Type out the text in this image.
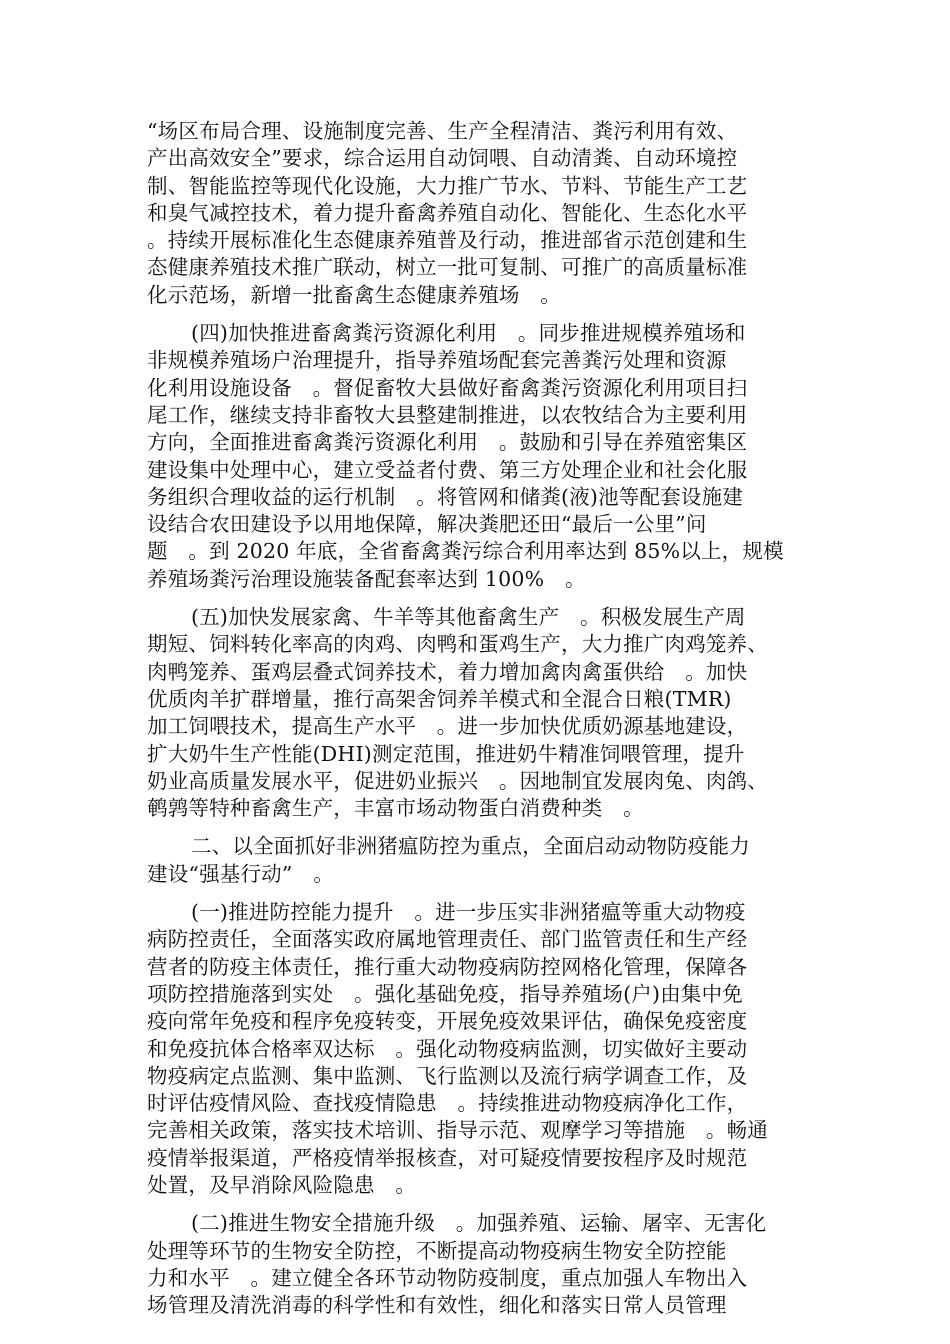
“场区布局合理、设施制度完善、生产全程清洁、粪污利用有效、
产出高效安全”要求，综合运用自动饲喂、自动清粪、自动环境控
制、智能监控等现代化设施，大力推广节水、节料、节能生产工艺
和臭气减控技术，着力提升畜禽养殖自动化、智能化、生态化水平
。持续开展标准化生态健康养殖普及行动，推进部省示范创建和生
态健康养殖技术推广联动，树立一批可复制、可推广的高质量标准
化示范场，新增一批畜禽生态健康养殖场　。
(四)加快推进畜禽粪污资源化利用　。同步推进规模养殖场和
非规模养殖场户治理提升，指导养殖场配套完善粪污处理和资源
化利用设施设备　。督促畜牧大县做好畜禽粪污资源化利用项目扫
尾工作，继续支持非畜牧大县整建制推进，以农牧结合为主要利用
方向，全面推进畜禽粪污资源化利用　。鼓励和引导在养殖密集区
建设集中处理中心，建立受益者付费、第三方处理企业和社会化服
务组织合理收益的运行机制　。将管网和储粪(液)池等配套设施建
设结合农田建设予以用地保障，解决粪肥还田“最后一公里”问
题　。到 2020 年底，全省畜禽粪污综合利用率达到 85%以上，规模
养殖场粪污治理设施装备配套率达到 100%　。
(五)加快发展家禽、牛羊等其他畜禽生产　。积极发展生产周
期短、饲料转化率高的肉鸡、肉鸭和蛋鸡生产，大力推广肉鸡笼养、
肉鸭笼养、蛋鸡层叠式饲养技术，着力增加禽肉禽蛋供给　。加快
优质肉羊扩群增量，推行高架舍饲养羊模式和全混合日粮(TMR)
加工饲喂技术，提高生产水平　。进一步加快优质奶源基地建设，
扩大奶牛生产性能(DHI)测定范围，推进奶牛精准饲喂管理，提升
奶业高质量发展水平，促进奶业振兴　。因地制宜发展肉兔、肉鸽、
鹌鹑等特种畜禽生产，丰富市场动物蛋白消费种类　。
二、以全面抓好非洲猪瘟防控为重点，全面启动动物防疫能力
建设“强基行动”　。
(一)推进防控能力提升　。进一步压实非洲猪瘟等重大动物疫
病防控责任，全面落实政府属地管理责任、部门监管责任和生产经
营者的防疫主体责任，推行重大动物疫病防控网格化管理，保障各
项防控措施落到实处　。强化基础免疫，指导养殖场(户)由集中免
疫向常年免疫和程序免疫转变，开展免疫效果评估，确保免疫密度
和免疫抗体合格率双达标　。强化动物疫病监测，切实做好主要动
物疫病定点监测、集中监测、飞行监测以及流行病学调查工作，及
时评估疫情风险、查找疫情隐患　。持续推进动物疫病净化工作，
完善相关政策，落实技术培训、指导示范、观摩学习等措施　。畅通
疫情举报渠道，严格疫情举报核查，对可疑疫情要按程序及时规范
处置，及早消除风险隐患　。
(二)推进生物安全措施升级　。加强养殖、运输、屠宰、无害化
处理等环节的生物安全防控，不断提高动物疫病生物安全防控能
力和水平　。建立健全各环节动物防疫制度，重点加强人车物出入
场管理及清洗消毒的科学性和有效性，细化和落实日常人员管理
